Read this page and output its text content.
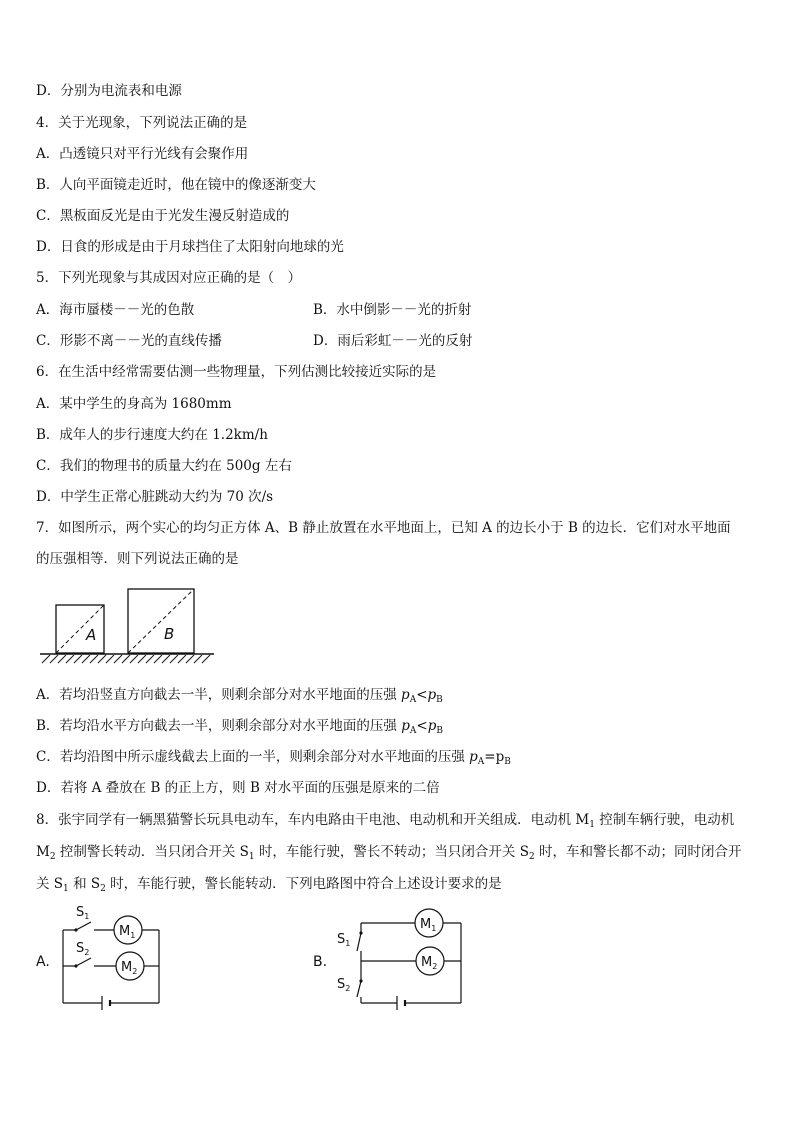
D．分别为电流表和电源
4．关于光现象，下列说法正确的是
A．凸透镜只对平行光线有会聚作用
B．人向平面镜走近时，他在镜中的像逐渐变大
C．黑板面反光是由于光发生漫反射造成的
D．日食的形成是由于月球挡住了太阳射向地球的光
5．下列光现象与其成因对应正确的是（　）
A．海市蜃楼－－光的色散	B．水中倒影－－光的折射
C．形影不离－－光的直线传播	D．雨后彩虹－－光的反射
6．在生活中经常需要估测一些物理量，下列估测比较接近实际的是
A．某中学生的身高为 1680mm
B．成年人的步行速度大约在 1.2km/h
C．我们的物理书的质量大约在 500g 左右
D．中学生正常心脏跳动大约为 70 次/s
7．如图所示，两个实心的均匀正方体 A、B 静止放置在水平地面上，已知 A 的边长小于 B 的边长．它们对水平地面
的压强相等．则下列说法正确的是
A	B
A．若均沿竖直方向截去一半，则剩余部分对水平地面的压强 $p_A<p_B$
B．若均沿水平方向截去一半，则剩余部分对水平地面的压强 $p_A<p_B$
C．若均沿图中所示虚线截去上面的一半，则剩余部分对水平地面的压强 $p_A=p_B$
D．若将 A 叠放在 B 的正上方，则 B 对水平面的压强是原来的二倍
8．张宇同学有一辆黑猫警长玩具电动车，车内电路由干电池、电动机和开关组成．电动机 $M_1$ 控制车辆行驶，电动机
$M_2$ 控制警长转动．当只闭合开关 $S_1$ 时，车能行驶，警长不转动；当只闭合开关 $S_2$ 时，车和警长都不动；同时闭合开
关 $S_1$ 和 $S_2$ 时，车能行驶，警长能转动．下列电路图中符合上述设计要求的是
A.
$S_1$
$S_2$
$M_1$
$M_2$
B.
$S_1$
$S_2$
$M_1$
$M_2$
